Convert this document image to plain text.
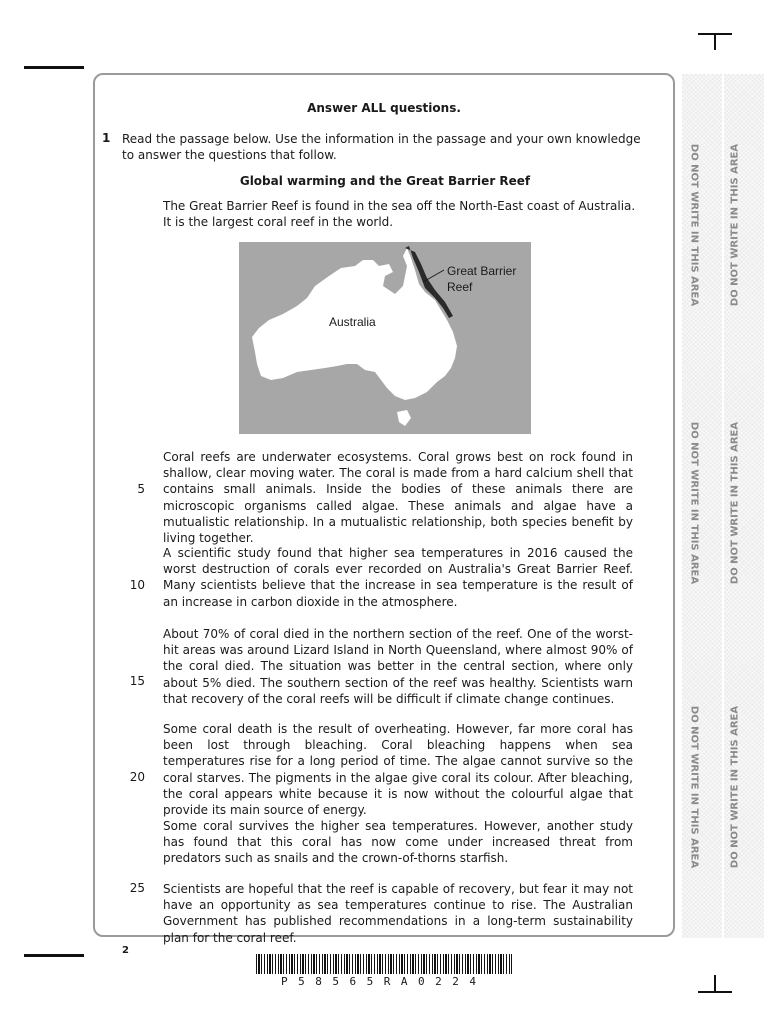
Answer ALL questions.
1 Read the passage below. Use the information in the passage and your own knowledge
to answer the questions that follow.
Global warming and the Great Barrier Reef
The Great Barrier Reef is found in the sea off the North-East coast of Australia.
It is the largest coral reef in the world.
Australia
Great Barrier
Reef
Coral reefs are underwater ecosystems. Coral grows best on rock found in shallow, clear moving water. The coral is made from a hard calcium shell that contains small animals. Inside the bodies of these animals there are microscopic organisms called algae. These animals and algae have a mutualistic relationship. In a mutualistic relationship, both species benefit by living together.
5
A scientific study found that higher sea temperatures in 2016 caused the worst destruction of corals ever recorded on Australia's Great Barrier Reef. Many scientists believe that the increase in sea temperature is the result of an increase in carbon dioxide in the atmosphere.
10
About 70% of coral died in the northern section of the reef. One of the worst-hit areas was around Lizard Island in North Queensland, where almost 90% of the coral died. The situation was better in the central section, where only about 5% died. The southern section of the reef was healthy. Scientists warn that recovery of the coral reefs will be difficult if climate change continues.
15
Some coral death is the result of overheating. However, far more coral has been lost through bleaching. Coral bleaching happens when sea temperatures rise for a long period of time. The algae cannot survive so the coral starves. The pigments in the algae give coral its colour. After bleaching, the coral appears white because it is now without the colourful algae that provide its main source of energy.
20
Some coral survives the higher sea temperatures. However, another study has found that this coral has now come under increased threat from predators such as snails and the crown-of-thorns starfish.
Scientists are hopeful that the reef is capable of recovery, but fear it may not have an opportunity as sea temperatures continue to rise. The Australian Government has published recommendations in a long-term sustainability plan for the coral reef.
25
DO NOT WRITE IN THIS AREA	DO NOT WRITE IN THIS AREA
DO NOT WRITE IN THIS AREA	DO NOT WRITE IN THIS AREA
DO NOT WRITE IN THIS AREA	DO NOT WRITE IN THIS AREA
2
P58565RA0224
